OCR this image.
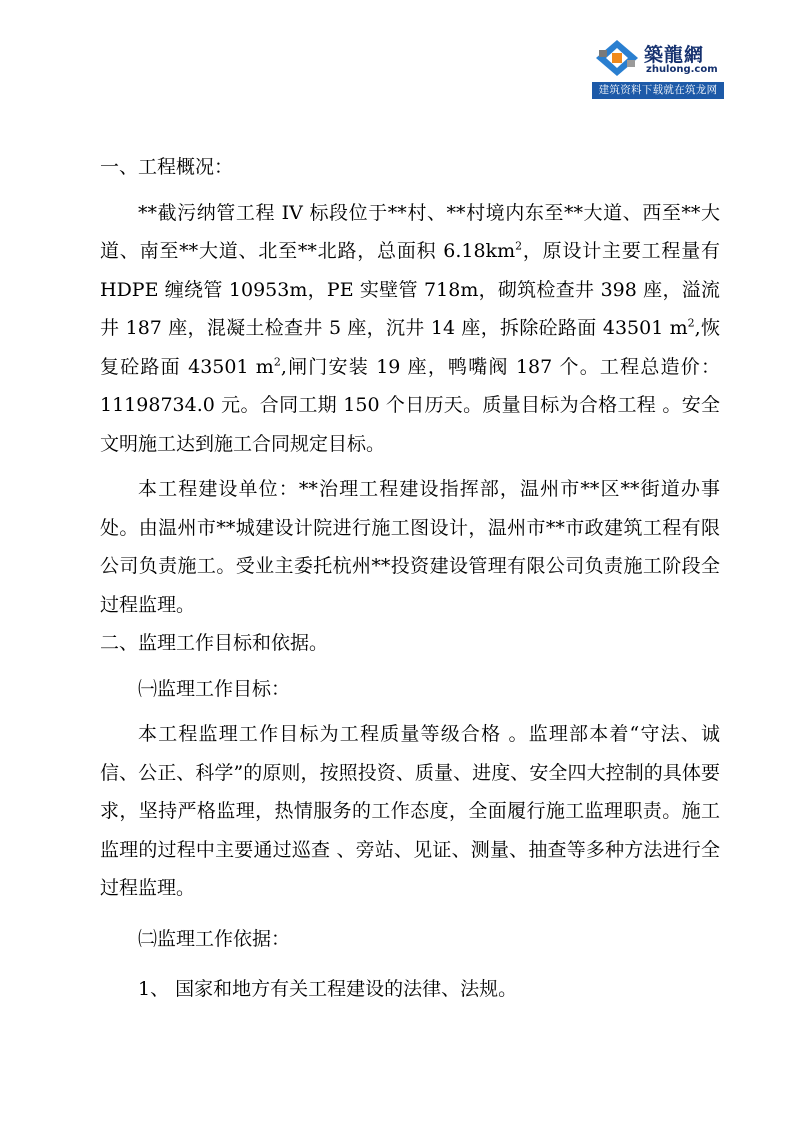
築龍網
zhulong.com
建筑资料下载就在筑龙网

一、工程概况：

**截污纳管工程 IV 标段位于**村、**村境内东至**大道、西至**大道、南至**大道、北至**北路，总面积 $6.18km^2$，原设计主要工程量有 HDPE 缠绕管 10953m，PE 实壁管 718m，砌筑检查井 398 座，溢流井 187 座，混凝土检查井 5 座，沉井 14 座，拆除砼路面 43501 $m^2$,恢复砼路面 43501 $m^2$,闸门安装 19 座，鸭嘴阀 187 个。工程总造价：11198734.0 元。合同工期 150 个日历天。质量目标为合格工程 。安全文明施工达到施工合同规定目标。

本工程建设单位：**治理工程建设指挥部，温州市**区**街道办事处。由温州市**城建设计院进行施工图设计，温州市**市政建筑工程有限公司负责施工。受业主委托杭州**投资建设管理有限公司负责施工阶段全过程监理。

二、监理工作目标和依据。

㈠监理工作目标：

本工程监理工作目标为工程质量等级合格 。监理部本着“守法、诚信、公正、科学”的原则，按照投资、质量、进度、安全四大控制的具体要求，坚持严格监理，热情服务的工作态度，全面履行施工监理职责。施工监理的过程中主要通过巡查 、旁站、见证、测量、抽查等多种方法进行全过程监理。

㈡监理工作依据：

1、 国家和地方有关工程建设的法律、法规。
